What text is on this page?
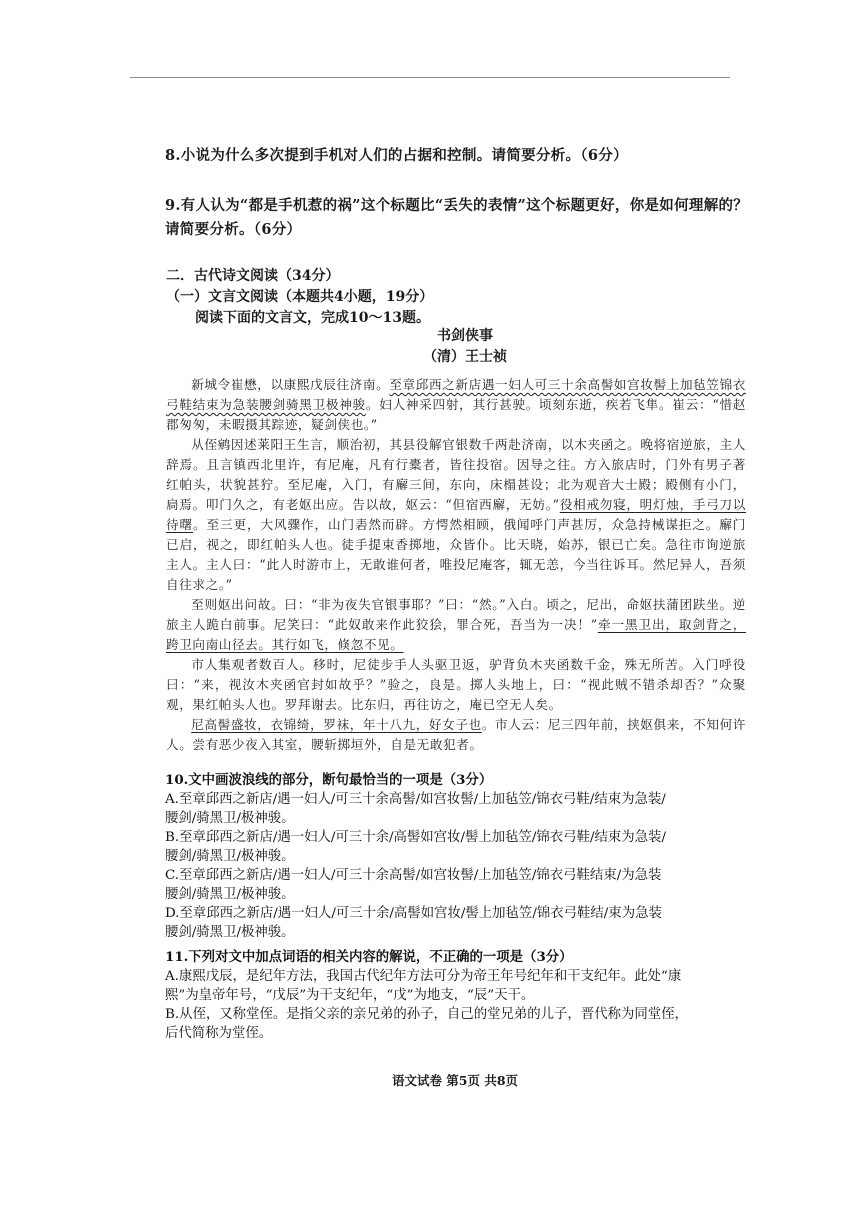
8.小说为什么多次提到手机对人们的占据和控制。请简要分析。（6分）
9.有人认为“都是手机惹的祸”这个标题比“丢失的表情”这个标题更好，你是如何理解的？请简要分析。（6分）
二．古代诗文阅读（34分）
（一）文言文阅读（本题共4小题，19分）
阅读下面的文言文，完成10～13题。
书剑侠事
（清）王士祯

新城令崔懋，以康熙戊辰往济南。至章邱西之新店遇一妇人可三十余高髻如宫妆髻上加毡笠锦衣弓鞋结束为急装腰剑骑黑卫极神骏。妇人神采四射，其行甚驶。顷刻东逝，疾若飞隼。崔云：“惜赵郡匆匆，未暇摄其踪迹，疑剑侠也。”

从侄鹓因述莱阳王生言，顺治初，其县役解官银数千两赴济南，以木夹函之。晚将宿逆旅，主人辞焉。且言镇西北里许，有尼庵，凡有行橐者，皆往投宿。因导之往。方入旅店时，门外有男子著红帕头，状貌甚狞。至尼庵，入门，有廨三间，东向，床榻甚设；北为观音大士殿；殿侧有小门，扃焉。叩门久之，有老妪出应。告以故，妪云：“但宿西廨，无妨。”役相戒勿寝，明灯烛，手弓刀以待曙。至三更，大风骤作，山门砉然而辟。方愕然相顾，俄闻呼门声甚厉，众急持械谋拒之。廨门已启，视之，即红帕头人也。徒手提束香掷地，众皆仆。比天晓，始苏，银已亡矣。急往市询逆旅主人。主人曰：“此人时游市上，无敢谁何者，唯投尼庵客，辄无恙，今当往诉耳。然尼异人，吾须自往求之。”

至则妪出问故。曰：“非为夜失官银事耶？”曰：“然。”入白。顷之，尼出，命妪扶蒲团趺坐。逆旅主人跪白前事。尼笑曰：“此奴敢来作此狡狯，罪合死，吾当为一决！”牵一黑卫出，取剑背之，跨卫向南山径去。其行如飞，倏忽不见。

市人集观者数百人。移时，尼徒步手人头驱卫返，驴背负木夹函数千金，殊无所苦。入门呼役曰：“来，视汝木夹函官封如故乎？”验之，良是。掷人头地上，曰：“视此贼不错杀却否？”众聚观，果红帕头人也。罗拜谢去。比东归，再往访之，庵已空无人矣。

尼高髻盛妆，衣锦绮，罗袜，年十八九，好女子也。市人云：尼三四年前，挟妪俱来，不知何许人。尝有恶少夜入其室，腰斩掷垣外，自是无敢犯者。

10.文中画波浪线的部分，断句最恰当的一项是（3分）

A.至章邱西之新店/遇一妇人/可三十余高髻/如宫妆髻/上加毡笠/锦衣弓鞋/结束为急装/

腰剑/骑黑卫/极神骏。

B.至章邱西之新店/遇一妇人/可三十余/高髻如宫妆/髻上加毡笠/锦衣弓鞋/结束为急装/

腰剑/骑黑卫/极神骏。

C.至章邱西之新店/遇一妇人/可三十余高髻/如宫妆髻/上加毡笠/锦衣弓鞋结束/为急装

腰剑/骑黑卫/极神骏。

D.至章邱西之新店/遇一妇人/可三十余/高髻如宫妆/髻上加毡笠/锦衣弓鞋结/束为急装

腰剑/骑黑卫/极神骏。

11.下列对文中加点词语的相关内容的解说，不正确的一项是（3分）

A.康熙戊辰，是纪年方法，我国古代纪年方法可分为帝王年号纪年和干支纪年。此处“康

熙”为皇帝年号，“戊辰”为干支纪年，“戊”为地支，“辰”天干。

B.从侄，又称堂侄。是指父亲的亲兄弟的孙子，自己的堂兄弟的儿子，晋代称为同堂侄，

后代简称为堂侄。

语文试卷 第5页 共8页
